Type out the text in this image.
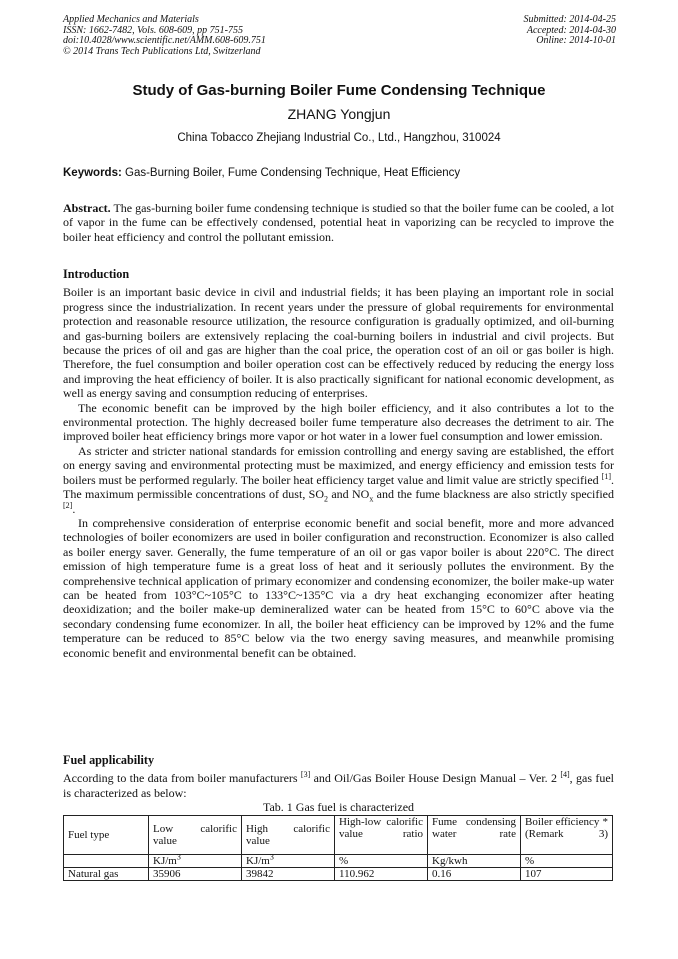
Applied Mechanics and Materials
ISSN: 1662-7482, Vols. 608-609, pp 751-755
doi:10.4028/www.scientific.net/AMM.608-609.751
© 2014 Trans Tech Publications Ltd, Switzerland
Submitted: 2014-04-25
Accepted: 2014-04-30
Online: 2014-10-01
Study of Gas-burning Boiler Fume Condensing Technique
ZHANG Yongjun
China Tobacco Zhejiang Industrial Co., Ltd., Hangzhou, 310024
Keywords: Gas-Burning Boiler, Fume Condensing Technique, Heat Efficiency

Abstract. The gas-burning boiler fume condensing technique is studied so that the boiler fume can be cooled, a lot of vapor in the fume can be effectively condensed, potential heat in vaporizing can be recycled to improve the boiler heat efficiency and control the pollutant emission.

Introduction

Boiler is an important basic device in civil and industrial fields; it has been playing an important role in social progress since the industrialization. In recent years under the pressure of global requirements for environmental protection and reasonable resource utilization, the resource configuration is gradually optimized, and oil-burning and gas-burning boilers are extensively replacing the coal-burning boilers in industrial and civil projects. But because the prices of oil and gas are higher than the coal price, the operation cost of an oil or gas boiler is high. Therefore, the fuel consumption and boiler operation cost can be effectively reduced by reducing the energy loss and improving the heat efficiency of boiler. It is also practically significant for national economic development, as well as energy saving and consumption reducing of enterprises.

The economic benefit can be improved by the high boiler efficiency, and it also contributes a lot to the environmental protection. The highly decreased boiler fume temperature also decreases the detriment to air. The improved boiler heat efficiency brings more vapor or hot water in a lower fuel consumption and lower emission.

As stricter and stricter national standards for emission controlling and energy saving are established, the effort on energy saving and environmental protecting must be maximized, and energy efficiency and emission tests for boilers must be performed regularly. The boiler heat efficiency target value and limit value are strictly specified [1]. The maximum permissible concentrations of dust, $SO_2$ and $NO_x$ and the fume blackness are also strictly specified [2].

In comprehensive consideration of enterprise economic benefit and social benefit, more and more advanced technologies of boiler economizers are used in boiler configuration and reconstruction. Economizer is also called as boiler energy saver. Generally, the fume temperature of an oil or gas vapor boiler is about 220°C. The direct emission of high temperature fume is a great loss of heat and it seriously pollutes the environment. By the comprehensive technical application of primary economizer and condensing economizer, the boiler make-up water can be heated from 103°C~105°C to 133°C~135°C via a dry heat exchanging economizer after heating deoxidization; and the boiler make-up demineralized water can be heated from 15°C to 60°C above via the secondary condensing fume economizer. In all, the boiler heat efficiency can be improved by 12% and the fume temperature can be reduced to 85°C below via the two energy saving measures, and meanwhile promising economic benefit and environmental benefit can be obtained.

Fuel applicability

According to the data from boiler manufacturers [3] and Oil/Gas Boiler House Design Manual – Ver. 2 [4], gas fuel is characterized as below:

Tab. 1 Gas fuel is characterized
Fuel type	Low calorific value	High calorific value	High-low calorific value ratio	Fume condensing water rate	Boiler efficiency * (Remark 3)
	$KJ/m^3$	$KJ/m^3$	%	Kg/kwh	%
Natural gas	35906	39842	110.962	0.16	107
